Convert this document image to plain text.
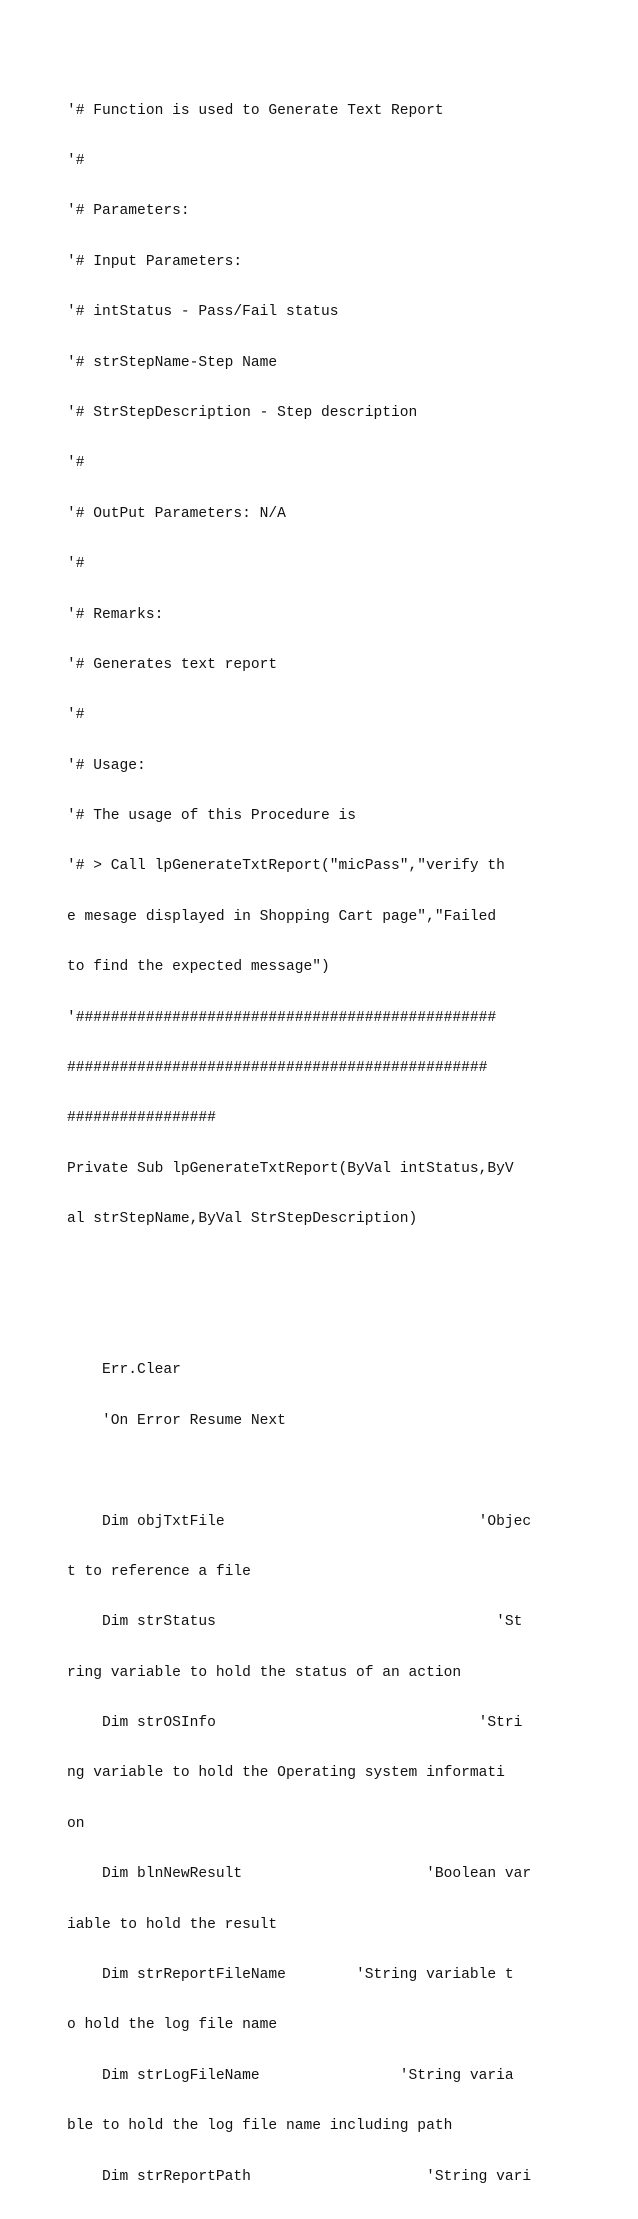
'# Function is used to Generate Text Report

'#

'# Parameters:

'# Input Parameters:

'# intStatus - Pass/Fail status

'# strStepName-Step Name

'# StrStepDescription - Step description

'#

'# OutPut Parameters: N/A

'#

'# Remarks:

'# Generates text report

'#

'# Usage:

'# The usage of this Procedure is

'# > Call lpGenerateTxtReport("micPass","verify th

e mesage displayed in Shopping Cart page","Failed

to find the expected message")

'################################################

################################################

#################

Private Sub lpGenerateTxtReport(ByVal intStatus,ByV

al strStepName,ByVal StrStepDescription)

Err.Clear

'On Error Resume Next

Dim objTxtFile                             'Objec

t to reference a file

Dim strStatus                                'St

ring variable to hold the status of an action

Dim strOSInfo                              'Stri

ng variable to hold the Operating system informati

on

Dim blnNewResult                     'Boolean var

iable to hold the result

Dim strReportFileName        'String variable t

o hold the log file name

Dim strLogFileName                'String varia

ble to hold the log file name including path

Dim strReportPath                    'String vari
